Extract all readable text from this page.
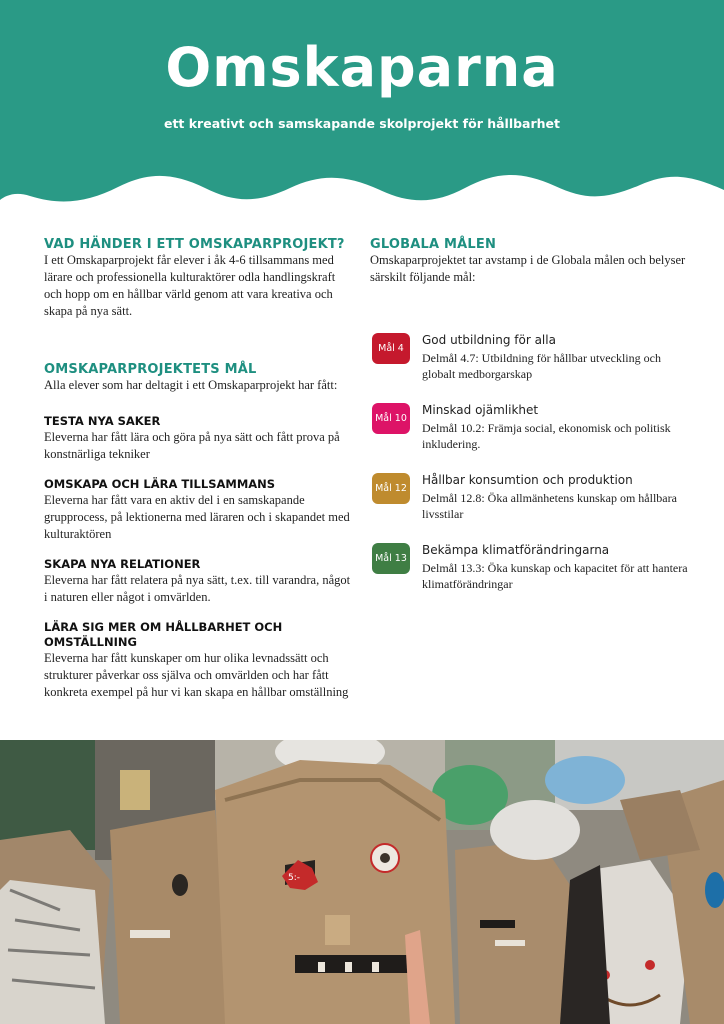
Omskaparna
ett kreativt och samskapande skolprojekt för hållbarhet
VAD HÄNDER I ETT OMSKAPARPROJEKT?

I ett Omskaparprojekt får elever i åk 4-6 tillsammans med lärare och professionella kulturaktörer odla handlingskraft och hopp om en hållbar värld genom att vara kreativa och skapa på nya sätt.

OMSKAPARPROJEKTETS MÅL

Alla elever som har deltagit i ett Omskaparprojekt har fått:

TESTA NYA SAKER

Eleverna har fått lära och göra på nya sätt och fått prova på konstnärliga tekniker

OMSKAPA OCH LÄRA TILLSAMMANS

Eleverna har fått vara en aktiv del i en samskapande grupprocess, på lektionerna med läraren och i skapandet med kulturaktören

SKAPA NYA RELATIONER

Eleverna har fått relatera på nya sätt, t.ex. till varandra, något i naturen eller något i omvärlden.

LÄRA SIG MER OM HÅLLBARHET OCH OMSTÄLLNING

Eleverna har fått kunskaper om hur olika levnadssätt och strukturer påverkar oss själva och omvärlden och har fått konkreta exempel på hur vi kan skapa en hållbar omställning

GLOBALA MÅLEN

Omskaparprojektet tar avstamp i de Globala målen och belyser särskilt följande mål:

Mål 4
God utbildning för alla
Delmål 4.7: Utbildning för hållbar utveckling och globalt medborgarskap
Mål 10
Minskad ojämlikhet
Delmål 10.2: Främja social, ekonomisk och politisk inkludering.
Mål 12
Hållbar konsumtion och produktion
Delmål 12.8: Öka allmänhetens kunskap om hållbara livsstilar
Mål 13
Bekämpa klimatförändringarna
Delmål 13.3: Öka kunskap och kapacitet för att hantera klimatförändringar
5:-
